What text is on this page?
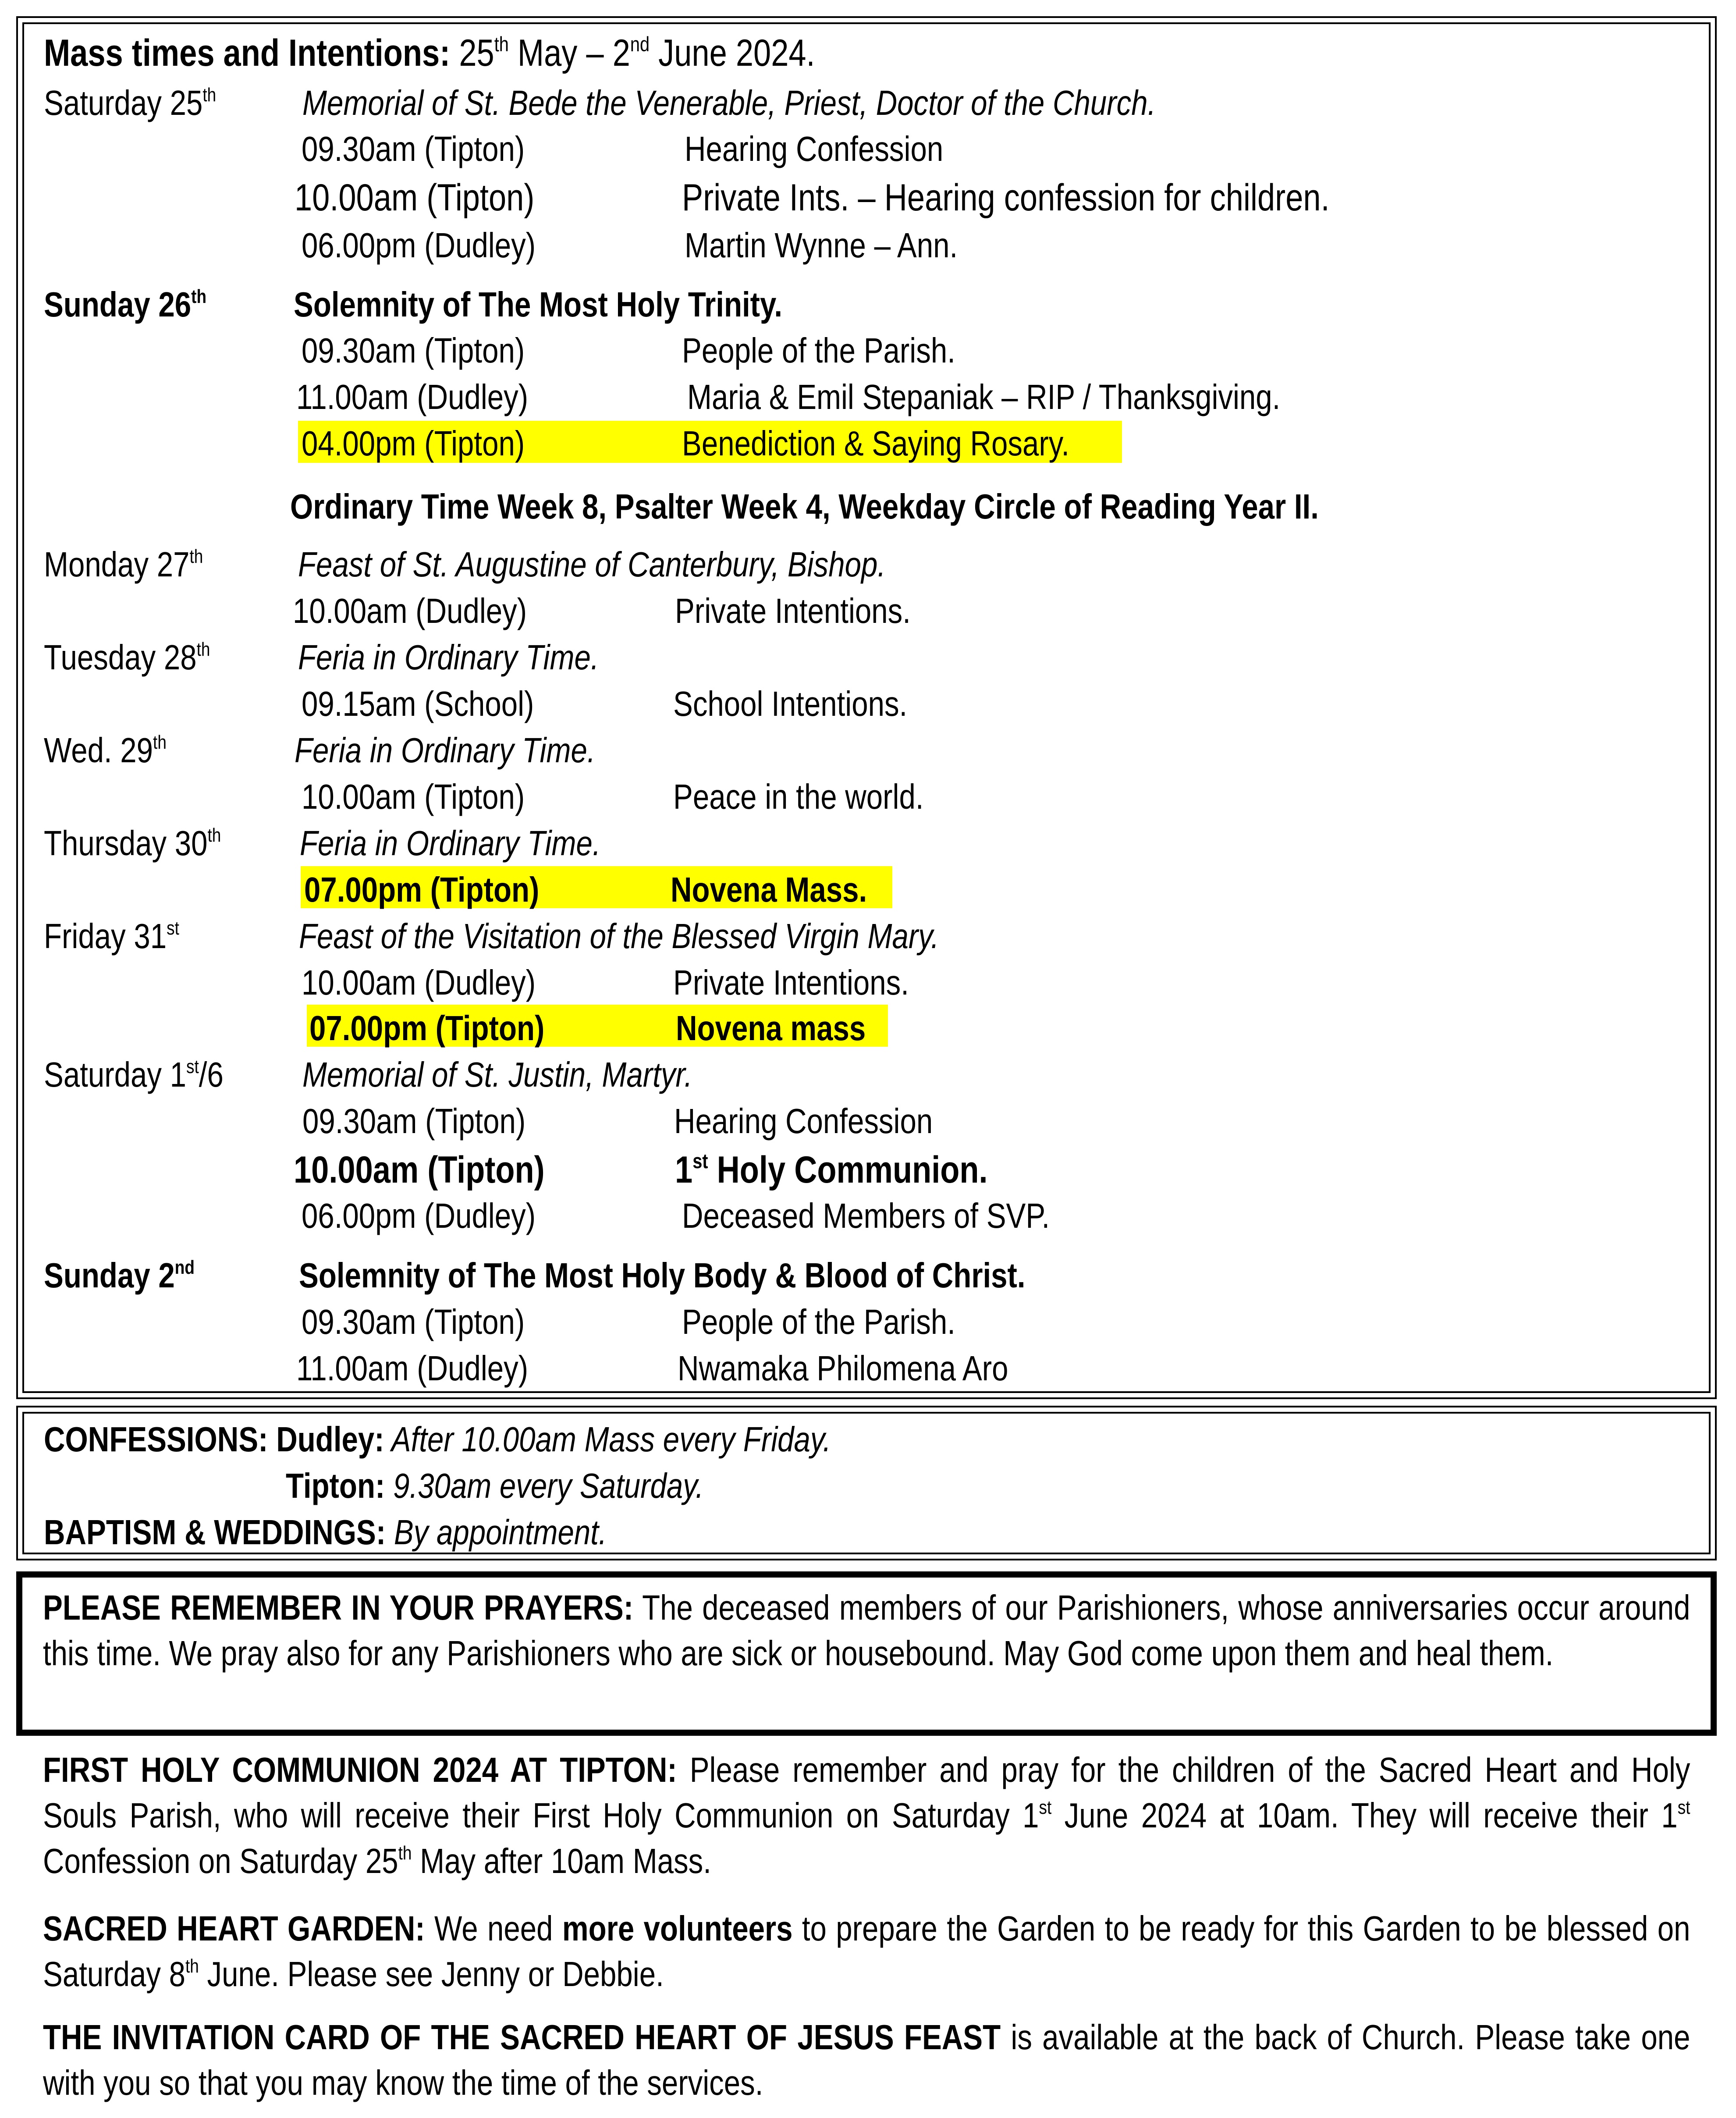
Mass times and Intentions: 25th May – 2nd June 2024.
Saturday 25th Memorial of St. Bede the Venerable, Priest, Doctor of the Church.
09.30am (Tipton)	Hearing Confession
10.00am (Tipton)	Private Ints. – Hearing confession for children.
06.00pm (Dudley)	Martin Wynne – Ann.
Sunday 26th Solemnity of The Most Holy Trinity.
09.30am (Tipton)	People of the Parish.
11.00am (Dudley)	Maria & Emil Stepaniak – RIP / Thanksgiving.
04.00pm (Tipton)	Benediction & Saying Rosary.
Ordinary Time Week 8, Psalter Week 4, Weekday Circle of Reading Year II.
Monday 27th	Feast of St. Augustine of Canterbury, Bishop.
10.00am (Dudley)	Private Intentions.
Tuesday 28th	Feria in Ordinary Time.
09.15am (School)	School Intentions.
Wed. 29th	Feria in Ordinary Time.
10.00am (Tipton)	Peace in the world.
Thursday 30th Feria in Ordinary Time.
07.00pm (Tipton)	Novena Mass.
Friday 31st	Feast of the Visitation of the Blessed Virgin Mary.
10.00am (Dudley)	Private Intentions.
07.00pm (Tipton)	Novena mass
Saturday 1st/6 Memorial of St. Justin, Martyr.
09.30am (Tipton)	Hearing Confession
10.00am (Tipton)	1st Holy Communion.
06.00pm (Dudley)	Deceased Members of SVP.
Sunday 2nd	Solemnity of The Most Holy Body & Blood of Christ.
09.30am (Tipton)	People of the Parish.
11.00am (Dudley)	Nwamaka Philomena Aro
CONFESSIONS: Dudley: After 10.00am Mass every Friday.
Tipton: 9.30am every Saturday.
BAPTISM & WEDDINGS: By appointment.
PLEASE REMEMBER IN YOUR PRAYERS: The deceased members of our Parishioners, whose anniversaries occur around this time. We pray also for any Parishioners who are sick or housebound. May God come upon them and heal them.
FIRST HOLY COMMUNION 2024 AT TIPTON: Please remember and pray for the children of the Sacred Heart and Holy Souls Parish, who will receive their First Holy Communion on Saturday 1st June 2024 at 10am. They will receive their 1st Confession on Saturday 25th May after 10am Mass.
SACRED HEART GARDEN: We need more volunteers to prepare the Garden to be ready for this Garden to be blessed on Saturday 8th June. Please see Jenny or Debbie.
THE INVITATION CARD OF THE SACRED HEART OF JESUS FEAST is available at the back of Church. Please take one with you so that you may know the time of the services.
